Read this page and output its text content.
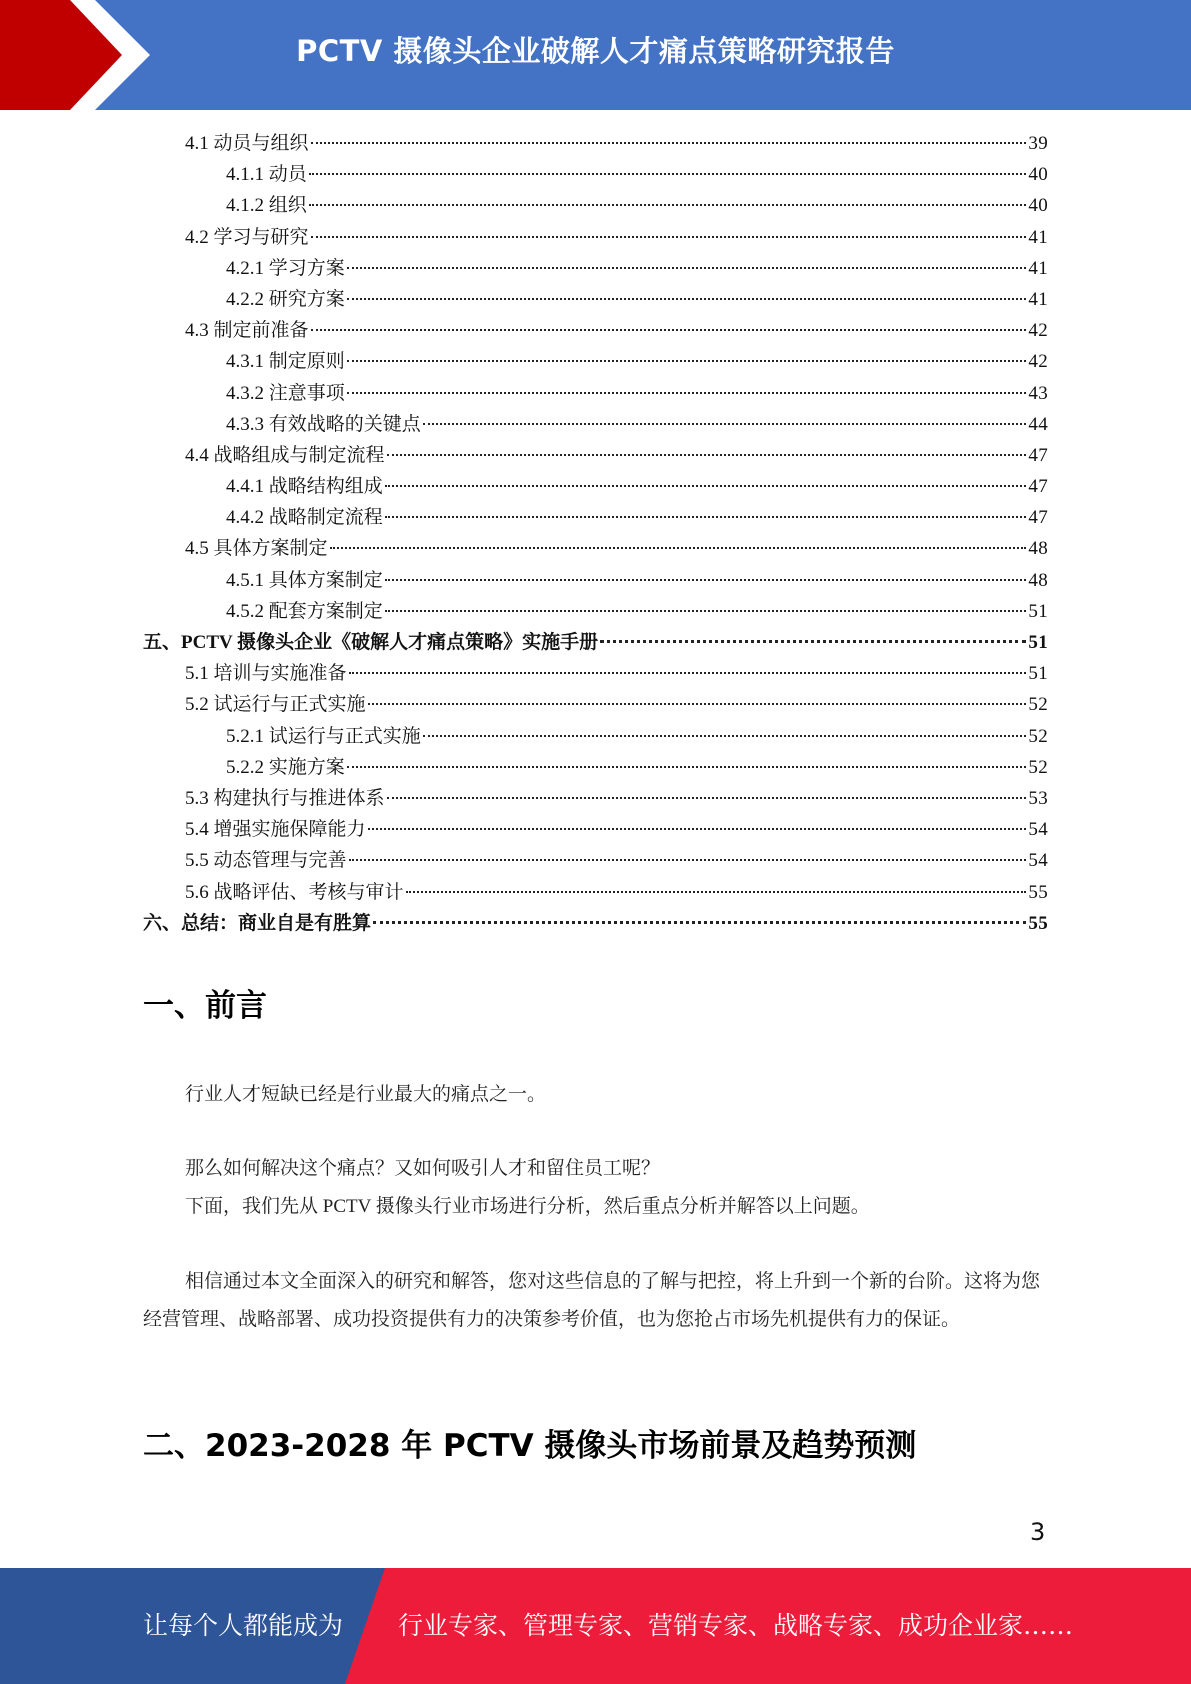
PCTV 摄像头企业破解人才痛点策略研究报告
4.1 动员与组织	39
4.1.1 动员	40
4.1.2 组织	40
4.2 学习与研究	41
4.2.1 学习方案	41
4.2.2 研究方案	41
4.3 制定前准备	42
4.3.1 制定原则	42
4.3.2 注意事项	43
4.3.3 有效战略的关键点	44
4.4 战略组成与制定流程	47
4.4.1 战略结构组成	47
4.4.2 战略制定流程	47
4.5 具体方案制定	48
4.5.1 具体方案制定	48
4.5.2 配套方案制定	51
五、PCTV 摄像头企业《破解人才痛点策略》实施手册	51
5.1 培训与实施准备	51
5.2 试运行与正式实施	52
5.2.1 试运行与正式实施	52
5.2.2 实施方案	52
5.3 构建执行与推进体系	53
5.4 增强实施保障能力	54
5.5 动态管理与完善	54
5.6 战略评估、考核与审计	55
六、总结：商业自是有胜算	55
一、前言
行业人才短缺已经是行业最大的痛点之一。
那么如何解决这个痛点？又如何吸引人才和留住员工呢？
下面，我们先从 PCTV 摄像头行业市场进行分析，然后重点分析并解答以上问题。
相信通过本文全面深入的研究和解答，您对这些信息的了解与把控，将上升到一个新的台阶。这将为您经营管理、战略部署、成功投资提供有力的决策参考价值，也为您抢占市场先机提供有力的保证。
二、2023-2028 年 PCTV 摄像头市场前景及趋势预测
3
让每个人都能成为 行业专家、管理专家、营销专家、战略专家、成功企业家……
